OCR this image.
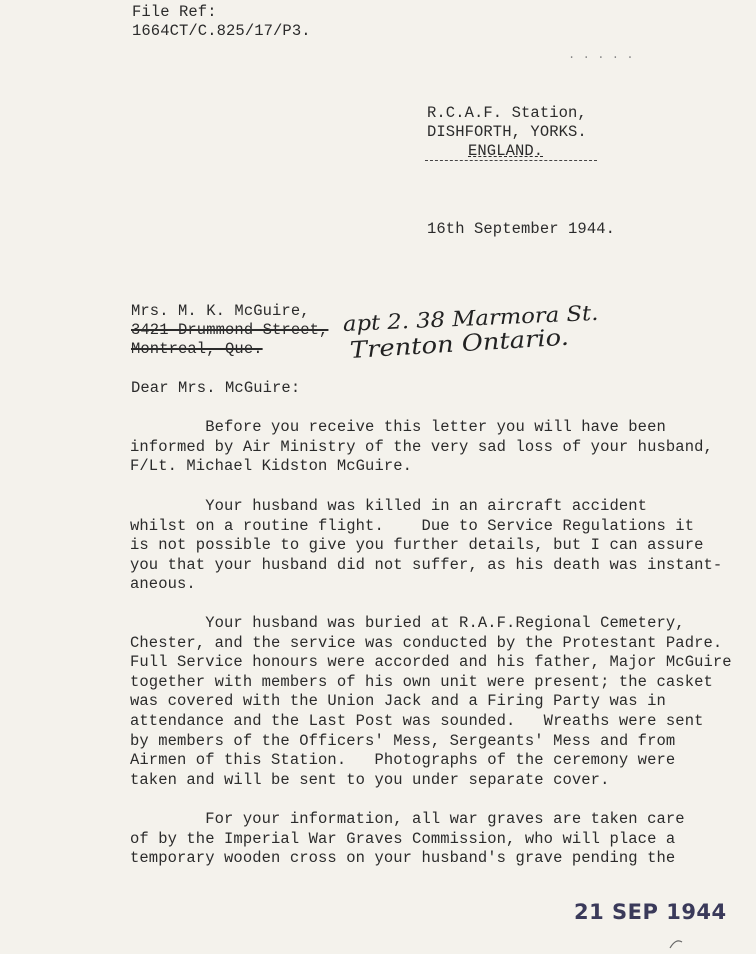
File Ref:
1664CT/C.825/17/P3.
. . . . .
R.C.A.F. Station,
DISHFORTH, YORKS.
ENGLAND.
16th September 1944.
Mrs. M. K. McGuire,
3421 Drummond Street,
Montreal, Que.
apt 2. 38 Marmora St.
Trenton Ontario.
Dear Mrs. McGuire:
Before you receive this letter you will have been
informed by Air Ministry of the very sad loss of your husband,
F/Lt. Michael Kidston McGuire.
Your husband was killed in an aircraft accident
whilst on a routine flight.    Due to Service Regulations it
is not possible to give you further details, but I can assure
you that your husband did not suffer, as his death was instant-
aneous.
Your husband was buried at R.A.F.Regional Cemetery,
Chester, and the service was conducted by the Protestant Padre.
Full Service honours were accorded and his father, Major McGuire
together with members of his own unit were present; the casket
was covered with the Union Jack and a Firing Party was in
attendance and the Last Post was sounded.   Wreaths were sent
by members of the Officers' Mess, Sergeants' Mess and from
Airmen of this Station.   Photographs of the ceremony were
taken and will be sent to you under separate cover.
For your information, all war graves are taken care
of by the Imperial War Graves Commission, who will place a
temporary wooden cross on your husband's grave pending the
21 SEP 1944
